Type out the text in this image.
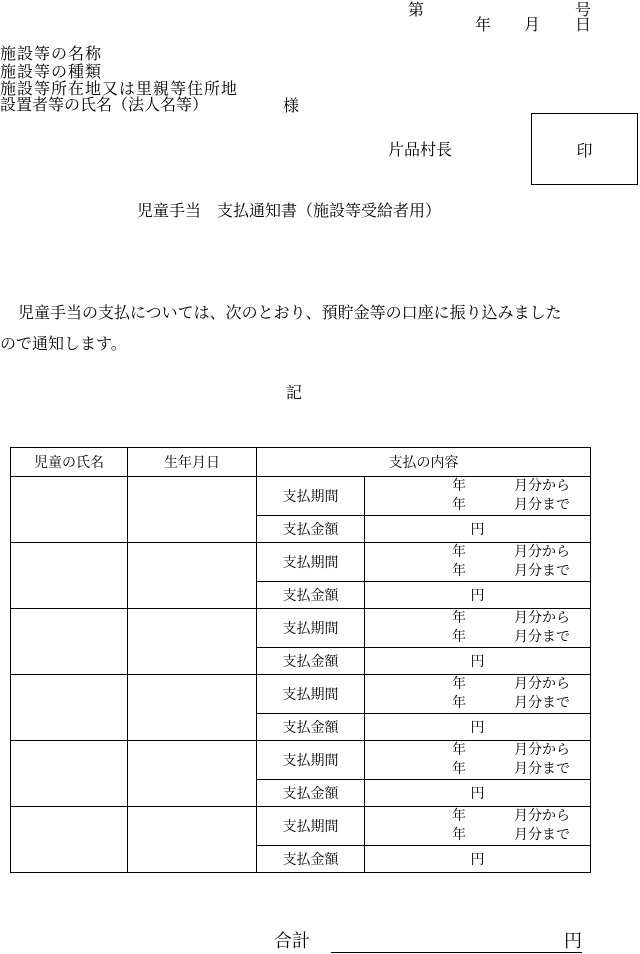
第	号
年 月 日
施設等の名称
施設等の種類
施設等所在地又は里親等住所地
設置者等の氏名（法人名等）	様
片品村長	印
児童手当　支払通知書（施設等受給者用）
児童手当の支払については、次のとおり、預貯金等の口座に振り込みました
ので通知します。
記
児童の氏名	生年月日	支払の内容	
		支払期間	年 月分から
年 月分まで

		支払金額	円
		支払期間	年 月分から
年 月分まで

		支払金額	円
		支払期間	年 月分から
年 月分まで

		支払金額	円
		支払期間	年 月分から
年 月分まで

		支払金額	円
		支払期間	年 月分から
年 月分まで

		支払金額	円
		支払期間	年 月分から
年 月分まで

		支払金額	円
合計	円
